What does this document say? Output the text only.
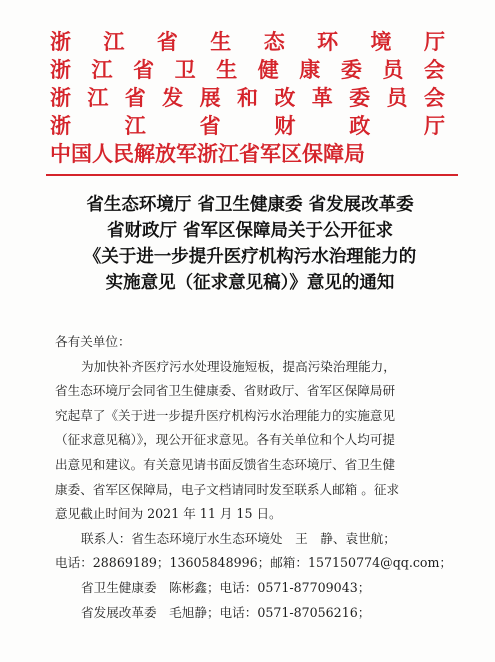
浙 江 省 生 态 环 境 厅
浙 江 省 卫 生 健 康 委 员 会
浙 江 省 发 展 和 改 革 委 员 会
浙	江	省	财	政	厅
中国人民解放军浙江省军区保障局
省生态环境厅 省卫生健康委 省发展改革委
省财政厅 省军区保障局关于公开征求
《关于进一步提升医疗机构污水治理能力的
实施意见（征求意见稿）》意见的通知

各有关单位：

为加快补齐医疗污水处理设施短板，提高污染治理能力，

省生态环境厅会同省卫生健康委、省财政厅、省军区保障局研

究起草了《关于进一步提升医疗机构污水治理能力的实施意见

（征求意见稿）》，现公开征求意见。各有关单位和个人均可提

出意见和建议。有关意见请书面反馈省生态环境厅、省卫生健

康委、省军区保障局，电子文档请同时发至联系人邮箱 。征求

意见截止时间为 2021 年 11 月 15 日。

联系人：省生态环境厅水生态环境处　王　静、袁世航；

电话：28869189；13605848996；邮箱：157150774@qq.com；

省卫生健康委　陈彬鑫；电话：0571-87709043；

省发展改革委　毛旭静；电话：0571-87056216；
